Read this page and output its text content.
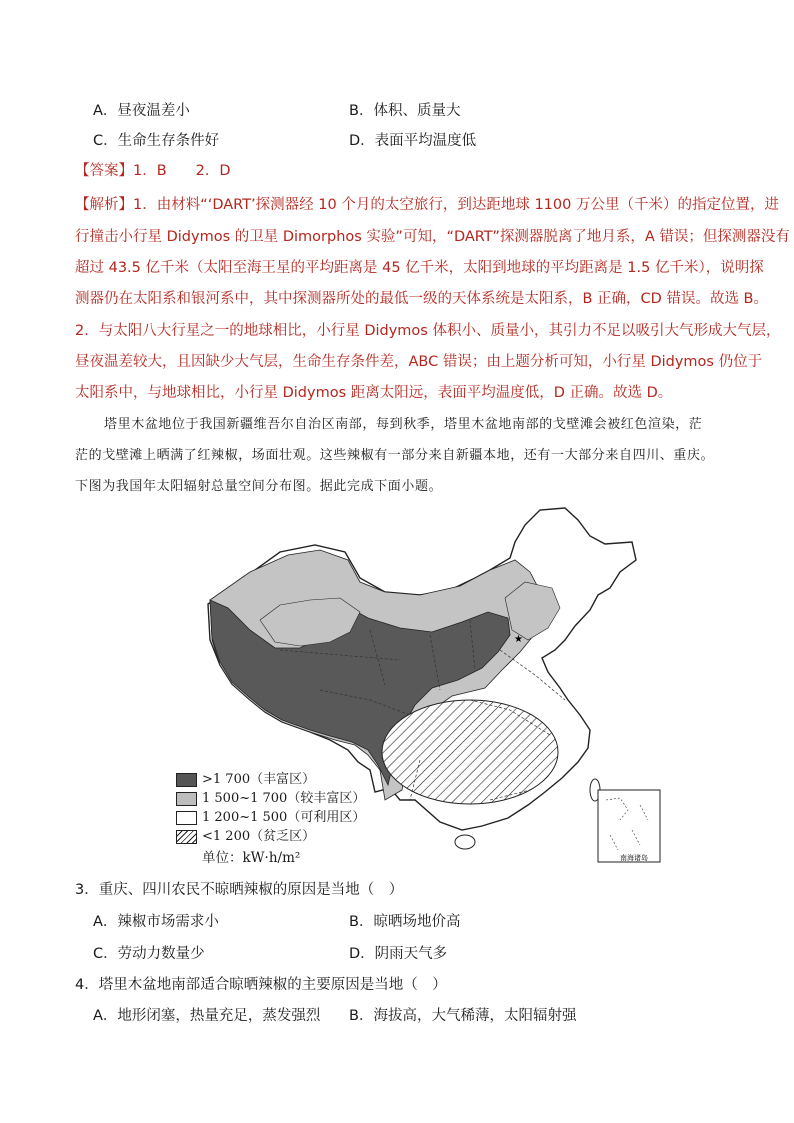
A．昼夜温差小	B．体积、质量大
C．生命生存条件好	D．表面平均温度低
【答案】1．B　　2．D
【解析】1．由材料“‘DART’探测器经 10 个月的太空旅行，到达距地球 1100 万公里（千米）的指定位置，进
行撞击小行星 Didymos 的卫星 Dimorphos 实验”可知，“DART”探测器脱离了地月系，A 错误；但探测器没有
超过 43.5 亿千米（太阳至海王星的平均距离是 45 亿千米，太阳到地球的平均距离是 1.5 亿千米），说明探
测器仍在太阳系和银河系中，其中探测器所处的最低一级的天体系统是太阳系，B 正确，CD 错误。故选 B。
2．与太阳八大行星之一的地球相比，小行星 Didymos 体积小、质量小，其引力不足以吸引大气形成大气层，
昼夜温差较大，且因缺少大气层，生命生存条件差，ABC 错误；由上题分析可知，小行星 Didymos 仍位于
太阳系中，与地球相比，小行星 Didymos 距离太阳远，表面平均温度低，D 正确。故选 D。
塔里木盆地位于我国新疆维吾尔自治区南部，每到秋季，塔里木盆地南部的戈壁滩会被红色渲染，茫
茫的戈壁滩上晒满了红辣椒，场面壮观。这些辣椒有一部分来自新疆本地，还有一大部分来自四川、重庆。
下图为我国年太阳辐射总量空间分布图。据此完成下面小题。
★
南海诸岛
>1 700（丰富区）
1 500~1 700（较丰富区）
1 200~1 500（可利用区）
<1 200（贫乏区）
单位：kW·h/m²
3．重庆、四川农民不晾晒辣椒的原因是当地（　）
A．辣椒市场需求小	B．晾晒场地价高
C．劳动力数量少	D．阴雨天气多
4．塔里木盆地南部适合晾晒辣椒的主要原因是当地（　）
A．地形闭塞，热量充足，蒸发强烈 B．海拔高，大气稀薄，太阳辐射强
